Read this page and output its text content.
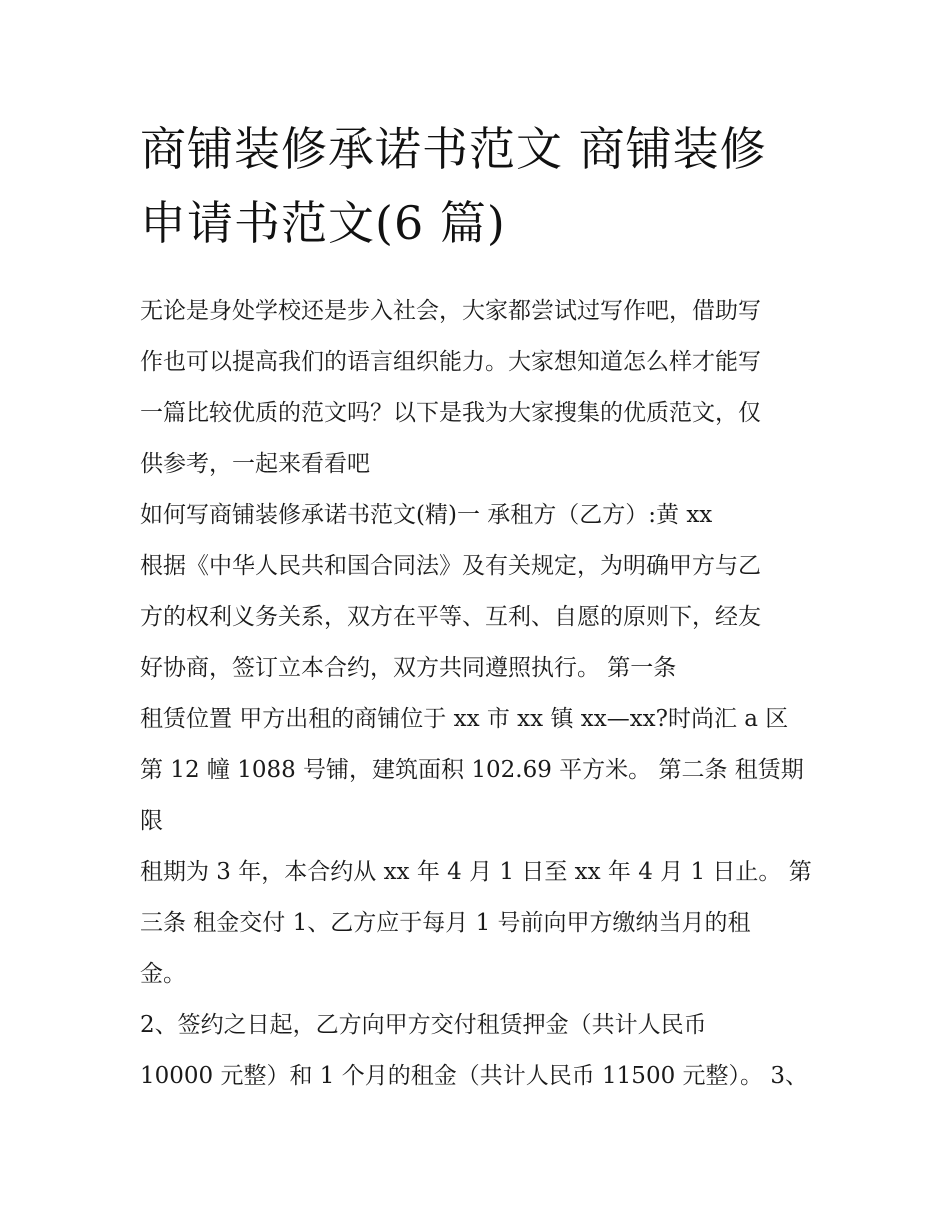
商铺装修承诺书范文 商铺装修
申请书范文(6 篇)
无论是身处学校还是步入社会，大家都尝试过写作吧，借助写
作也可以提高我们的语言组织能力。大家想知道怎么样才能写
一篇比较优质的范文吗？以下是我为大家搜集的优质范文，仅
供参考，一起来看看吧
如何写商铺装修承诺书范文(精)一 承租方（乙方）:黄 xx
根据《中华人民共和国合同法》及有关规定，为明确甲方与乙
方的权利义务关系，双方在平等、互利、自愿的原则下，经友
好协商，签订立本合约，双方共同遵照执行。 第一条
租赁位置 甲方出租的商铺位于 xx 市 xx 镇 xx—xx?时尚汇 a 区
第 12 幢 1088 号铺，建筑面积 102.69 平方米。 第二条 租赁期
限
租期为 3 年，本合约从 xx 年 4 月 1 日至 xx 年 4 月 1 日止。 第
三条 租金交付 1、乙方应于每月 1 号前向甲方缴纳当月的租
金。
2、签约之日起，乙方向甲方交付租赁押金（共计人民币
10000 元整）和 1 个月的租金（共计人民币 11500 元整）。 3、
